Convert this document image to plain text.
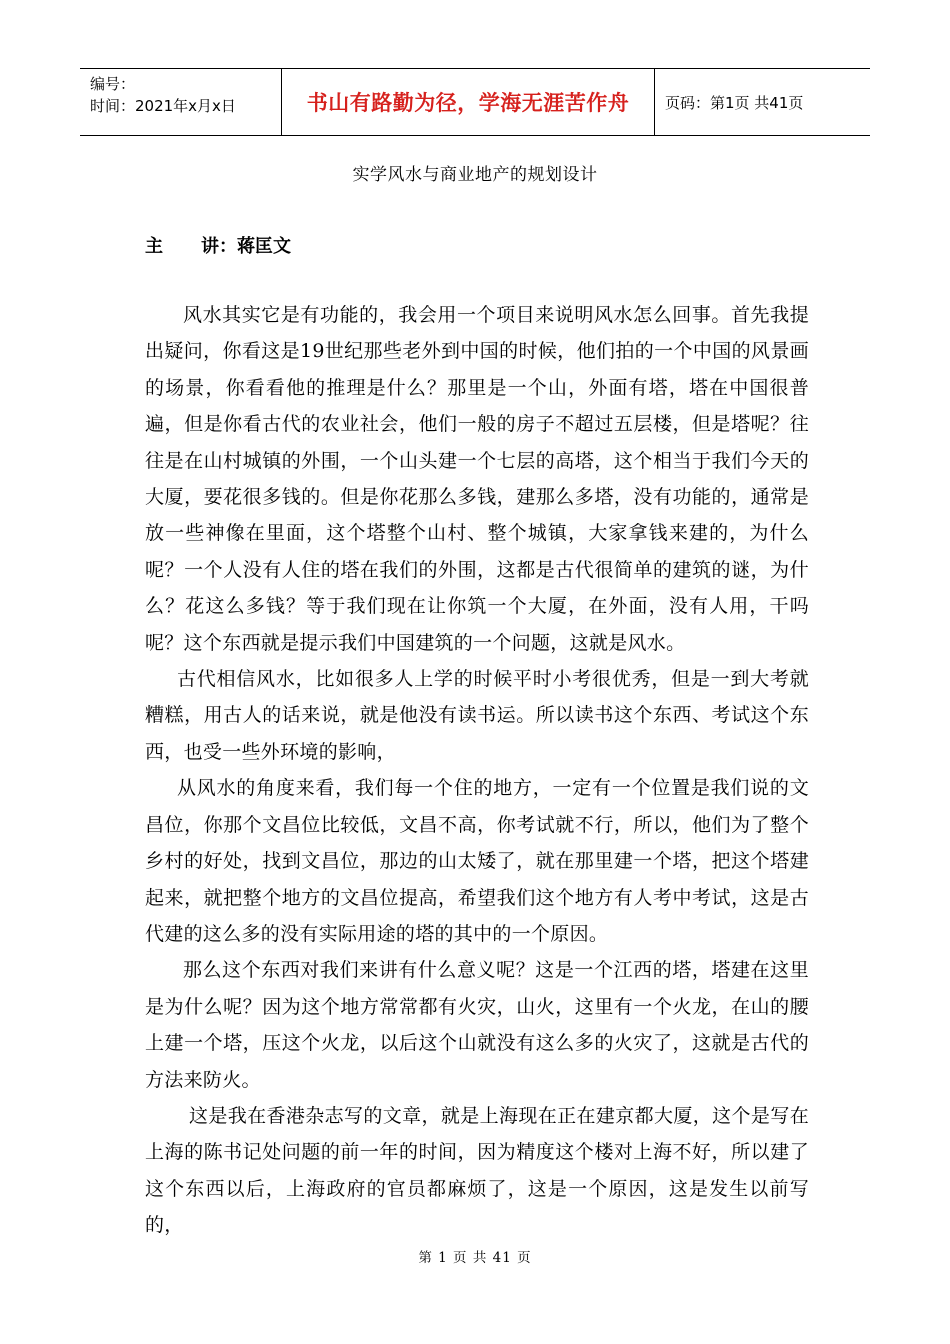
编号：
时间：2021年x月x日	书山有路勤为径，学海无涯苦作舟	页码：第1页 共41页
实学风水与商业地产的规划设计
主 讲：蒋匡文

风水其实它是有功能的，我会用一个项目来说明风水怎么回事。首先我提出疑问，你看这是19世纪那些老外到中国的时候，他们拍的一个中国的风景画的场景，你看看他的推理是什么？那里是一个山，外面有塔，塔在中国很普遍，但是你看古代的农业社会，他们一般的房子不超过五层楼，但是塔呢？往往是在山村城镇的外围，一个山头建一个七层的高塔，这个相当于我们今天的大厦，要花很多钱的。但是你花那么多钱，建那么多塔，没有功能的，通常是放一些神像在里面，这个塔整个山村、整个城镇，大家拿钱来建的，为什么呢？一个人没有人住的塔在我们的外围，这都是古代很简单的建筑的谜，为什么？花这么多钱？等于我们现在让你筑一个大厦，在外面，没有人用，干吗呢？这个东西就是提示我们中国建筑的一个问题，这就是风水。

古代相信风水，比如很多人上学的时候平时小考很优秀，但是一到大考就糟糕，用古人的话来说，就是他没有读书运。所以读书这个东西、考试这个东西，也受一些外环境的影响，

从风水的角度来看，我们每一个住的地方，一定有一个位置是我们说的文昌位，你那个文昌位比较低，文昌不高，你考试就不行，所以，他们为了整个乡村的好处，找到文昌位，那边的山太矮了，就在那里建一个塔，把这个塔建起来，就把整个地方的文昌位提高，希望我们这个地方有人考中考试，这是古代建的这么多的没有实际用途的塔的其中的一个原因。

那么这个东西对我们来讲有什么意义呢？这是一个江西的塔，塔建在这里是为什么呢？因为这个地方常常都有火灾，山火，这里有一个火龙，在山的腰上建一个塔，压这个火龙，以后这个山就没有这么多的火灾了，这就是古代的方法来防火。

这是我在香港杂志写的文章，就是上海现在正在建京都大厦，这个是写在上海的陈书记处问题的前一年的时间，因为精度这个楼对上海不好，所以建了这个东西以后，上海政府的官员都麻烦了，这是一个原因，这是发生以前写的，

第 1 页 共 41 页
